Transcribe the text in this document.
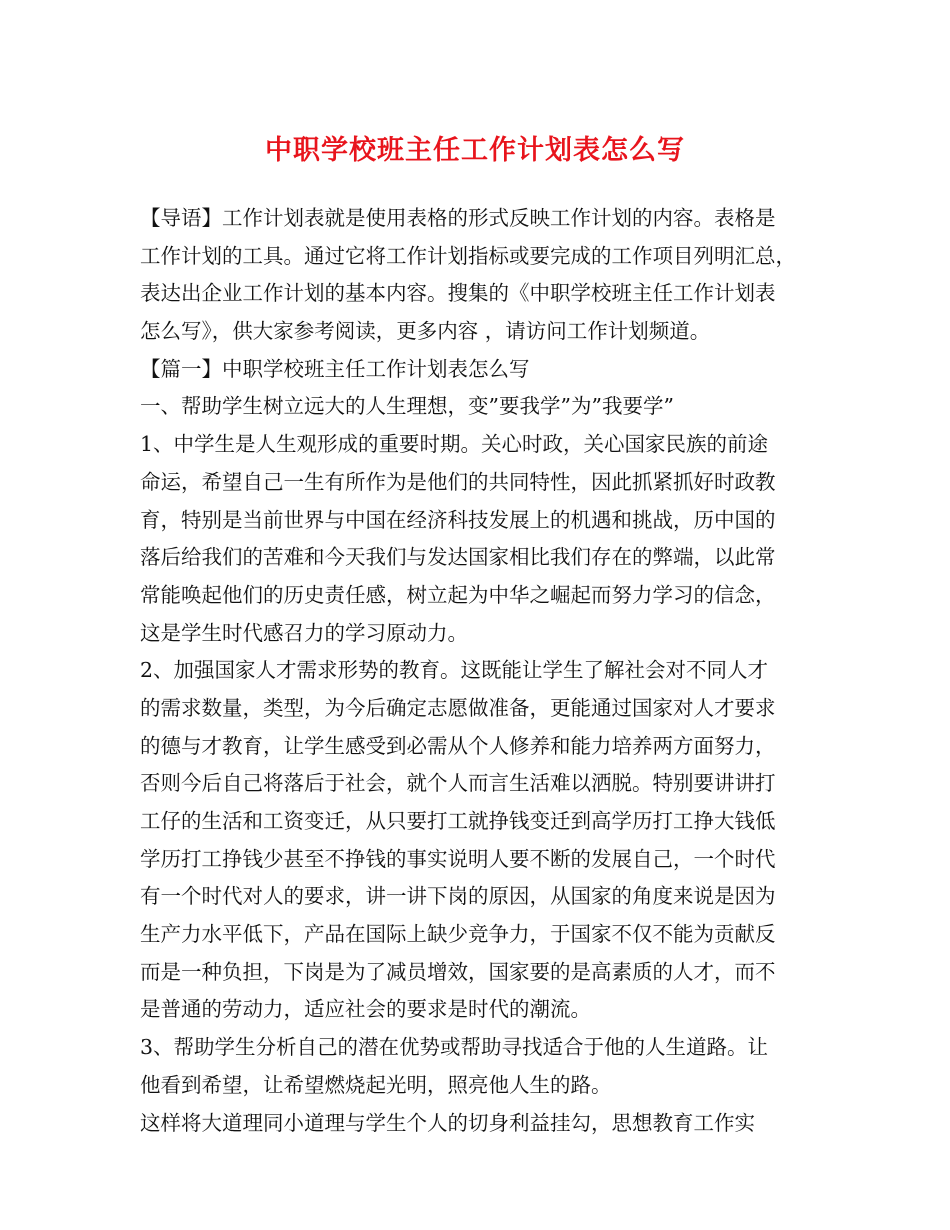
中职学校班主任工作计划表怎么写
【导语】工作计划表就是使用表格的形式反映工作计划的内容。表格是
工作计划的工具。通过它将工作计划指标或要完成的工作项目列明汇总，
表达出企业工作计划的基本内容。搜集的《中职学校班主任工作计划表
怎么写》，供大家参考阅读，更多内容 ，请访问工作计划频道。
【篇一】中职学校班主任工作计划表怎么写
一、帮助学生树立远大的人生理想，变”要我学”为”我要学”
1、中学生是人生观形成的重要时期。关心时政，关心国家民族的前途
命运，希望自己一生有所作为是他们的共同特性，因此抓紧抓好时政教
育，特别是当前世界与中国在经济科技发展上的机遇和挑战，历中国的
落后给我们的苦难和今天我们与发达国家相比我们存在的弊端，以此常
常能唤起他们的历史责任感，树立起为中华之崛起而努力学习的信念，
这是学生时代感召力的学习原动力。
2、加强国家人才需求形势的教育。这既能让学生了解社会对不同人才
的需求数量，类型，为今后确定志愿做准备，更能通过国家对人才要求
的德与才教育，让学生感受到必需从个人修养和能力培养两方面努力，
否则今后自己将落后于社会，就个人而言生活难以洒脱。特别要讲讲打
工仔的生活和工资变迁，从只要打工就挣钱变迁到高学历打工挣大钱低
学历打工挣钱少甚至不挣钱的事实说明人要不断的发展自己，一个时代
有一个时代对人的要求，讲一讲下岗的原因，从国家的角度来说是因为
生产力水平低下，产品在国际上缺少竞争力，于国家不仅不能为贡献反
而是一种负担，下岗是为了减员增效，国家要的是高素质的人才，而不
是普通的劳动力，适应社会的要求是时代的潮流。
3、帮助学生分析自己的潜在优势或帮助寻找适合于他的人生道路。让
他看到希望，让希望燃烧起光明，照亮他人生的路。
这样将大道理同小道理与学生个人的切身利益挂勾，思想教育工作实
